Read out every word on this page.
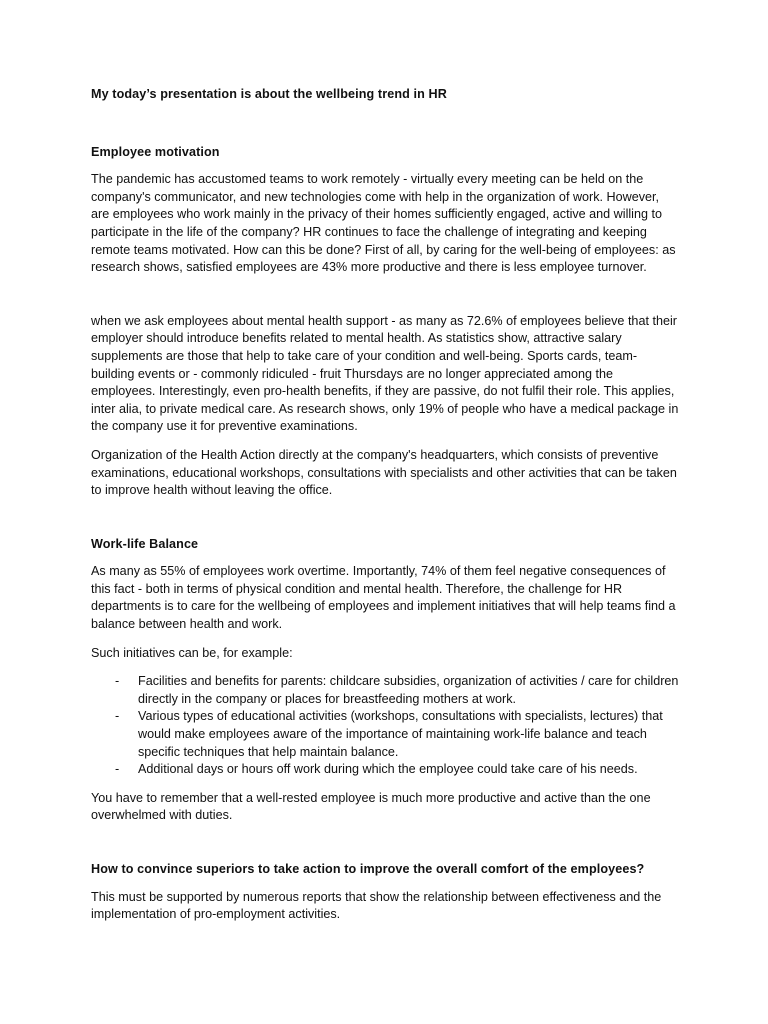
My today’s presentation is about the wellbeing trend in HR

Employee motivation

The pandemic has accustomed teams to work remotely - virtually every meeting can be held on the company's communicator, and new technologies come with help in the organization of work. However, are employees who work mainly in the privacy of their homes sufficiently engaged, active and willing to participate in the life of the company? HR continues to face the challenge of integrating and keeping remote teams motivated. How can this be done? First of all, by caring for the well-being of employees: as research shows, satisfied employees are 43% more productive and there is less employee turnover.

when we ask employees about mental health support - as many as 72.6% of employees believe that their employer should introduce benefits related to mental health. As statistics show, attractive salary supplements are those that help to take care of your condition and well-being. Sports cards, team-building events or - commonly ridiculed - fruit Thursdays are no longer appreciated among the employees. Interestingly, even pro-health benefits, if they are passive, do not fulfil their role. This applies, inter alia, to private medical care. As research shows, only 19% of people who have a medical package in the company use it for preventive examinations.

Organization of the Health Action directly at the company's headquarters, which consists of preventive examinations, educational workshops, consultations with specialists and other activities that can be taken to improve health without leaving the office.

Work-life Balance

As many as 55% of employees work overtime. Importantly, 74% of them feel negative consequences of this fact - both in terms of physical condition and mental health. Therefore, the challenge for HR departments is to care for the wellbeing of employees and implement initiatives that will help teams find a balance between health and work.

Such initiatives can be, for example:

- Facilities and benefits for parents: childcare subsidies, organization of activities / care for children directly in the company or places for breastfeeding mothers at work.
- Various types of educational activities (workshops, consultations with specialists, lectures) that would make employees aware of the importance of maintaining work-life balance and teach specific techniques that help maintain balance.
- Additional days or hours off work during which the employee could take care of his needs.

You have to remember that a well-rested employee is much more productive and active than the one overwhelmed with duties.

How to convince superiors to take action to improve the overall comfort of the employees?

This must be supported by numerous reports that show the relationship between effectiveness and the implementation of pro-employment activities.
